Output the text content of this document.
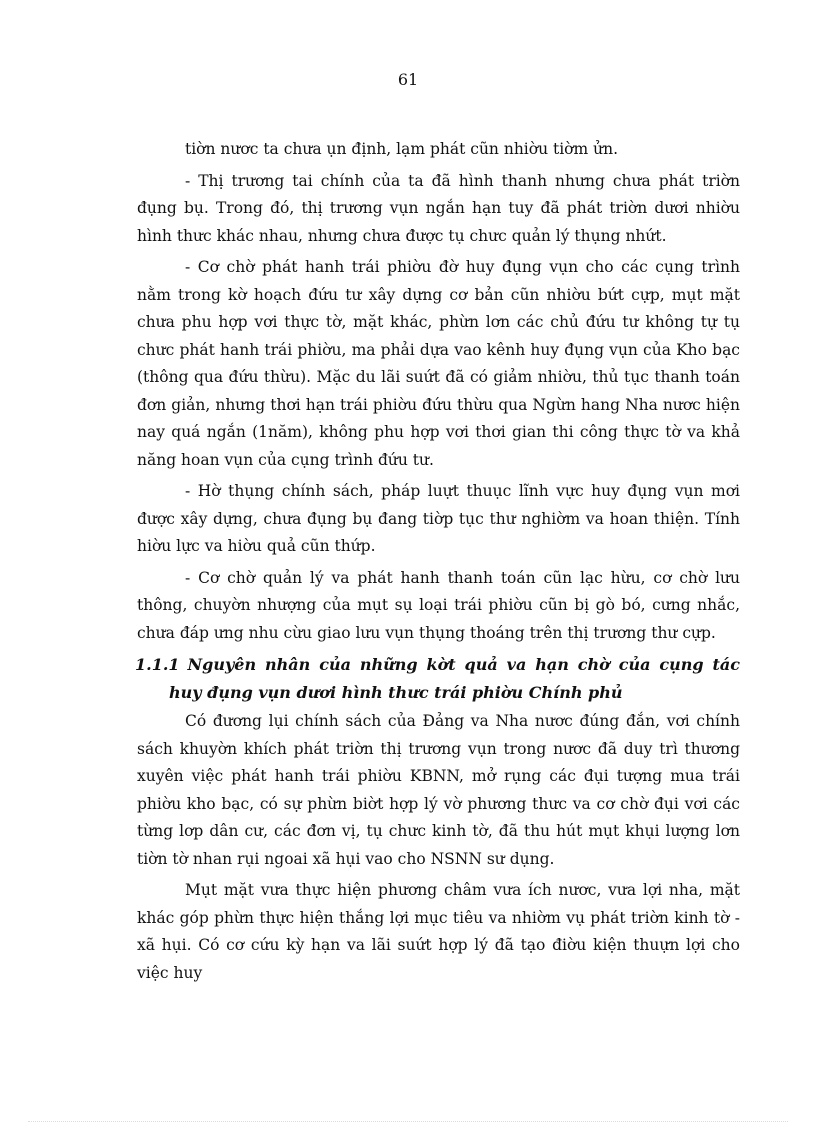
61

tiờn nươc ta chưa ụn định, lạm phát cũn nhiờu tiờm ửn.

- Thị trương tai chính của ta đã hình thanh nhưng chưa phát triờn đụng bụ. Trong đó, thị trương vụn ngắn hạn tuy đã phát triờn dươi nhiờu hình thưc khác nhau, nhưng chưa được tụ chưc quản lý thụng nhứt.

- Cơ chờ phát hanh trái phiờu đờ huy đụng vụn cho các cụng trình nằm trong kờ hoạch đứu tư xây dựng cơ bản cũn nhiờu bứt cựp, mụt mặt chưa phu hợp vơi thực tờ, mặt khác, phừn lơn các chủ đứu tư không tự tụ chưc phát hanh trái phiờu, ma phải dựa vao kênh huy đụng vụn của Kho bạc (thông qua đứu thừu). Mặc du lãi suứt đã có giảm nhiờu, thủ tục thanh toán đơn giản, nhưng thơi hạn trái phiờu đứu thừu qua Ngừn hang Nha nươc hiện nay quá ngắn (1năm), không phu hợp vơi thơi gian thi công thực tờ va khả năng hoan vụn của cụng trình đứu tư.

- Hờ thụng chính sách, pháp luựt thuục lĩnh vực huy đụng vụn mơi được xây dựng, chưa đụng bụ đang tiờp tục thư nghiờm va hoan thiện. Tính hiờu lực va hiờu quả cũn thứp.

- Cơ chờ quản lý va phát hanh thanh toán cũn lạc hừu, cơ chờ lưu thông, chuyờn nhượng của mụt sụ loại trái phiờu cũn bị gò bó, cưng nhắc, chưa đáp ưng nhu cừu giao lưu vụn thụng thoáng trên thị trương thư cựp.

1.1.1 Nguyên nhân của những kờt quả va hạn chờ của cụng tác huy đụng vụn dươi hình thưc trái phiờu Chính phủ

Có đương lụi chính sách của Đảng va Nha nươc đúng đắn, vơi chính sách khuyờn khích phát triờn thị trương vụn trong nươc đã duy trì thương xuyên việc phát hanh trái phiờu KBNN, mở rụng các đụi tượng mua trái phiờu kho bạc, có sự phừn biờt hợp lý vờ phương thưc va cơ chờ đụi vơi các từng lơp dân cư, các đơn vị, tụ chưc kinh tờ, đã thu hút mụt khụi lượng lơn tiờn tờ nhan rụi ngoai xã hụi vao cho NSNN sư dụng.

Mụt mặt vưa thực hiện phương châm vưa ích nươc, vưa lợi nha, mặt khác góp phừn thực hiện thắng lợi mục tiêu va nhiờm vụ phát triờn kinh tờ - xã hụi. Có cơ cứu kỳ hạn va lãi suứt hợp lý đã tạo điờu kiện thuựn lợi cho việc huy
